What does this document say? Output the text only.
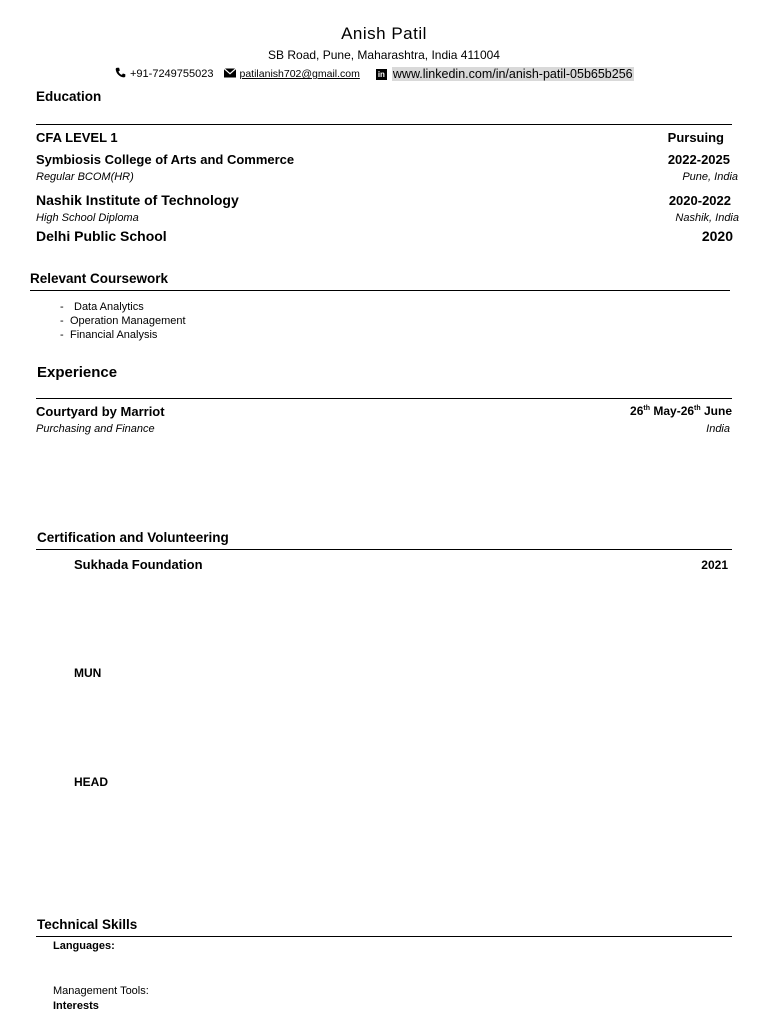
Anish Patil
SB Road, Pune, Maharashtra, India 411004
+91-7249755023 patilanish702@gmail.com in www.linkedin.com/in/anish-patil-05b65b256
Education
CFA LEVEL 1	Pursuing
Symbiosis College of Arts and Commerce	2022-2025
Regular BCOM(HR)	Pune, India
Nashik Institute of Technology	2020-2022
High School Diploma	Nashik, India
Delhi Public School	2020
Relevant Coursework
- Data Analytics
- Operation Management
- Financial Analysis
Experience
Courtyard by Marriot	26th May-26th June
Purchasing and Finance	India
Certification and Volunteering
Sukhada Foundation	2021
MUN
HEAD
Technical Skills
Languages:
Management Tools:
Interests
